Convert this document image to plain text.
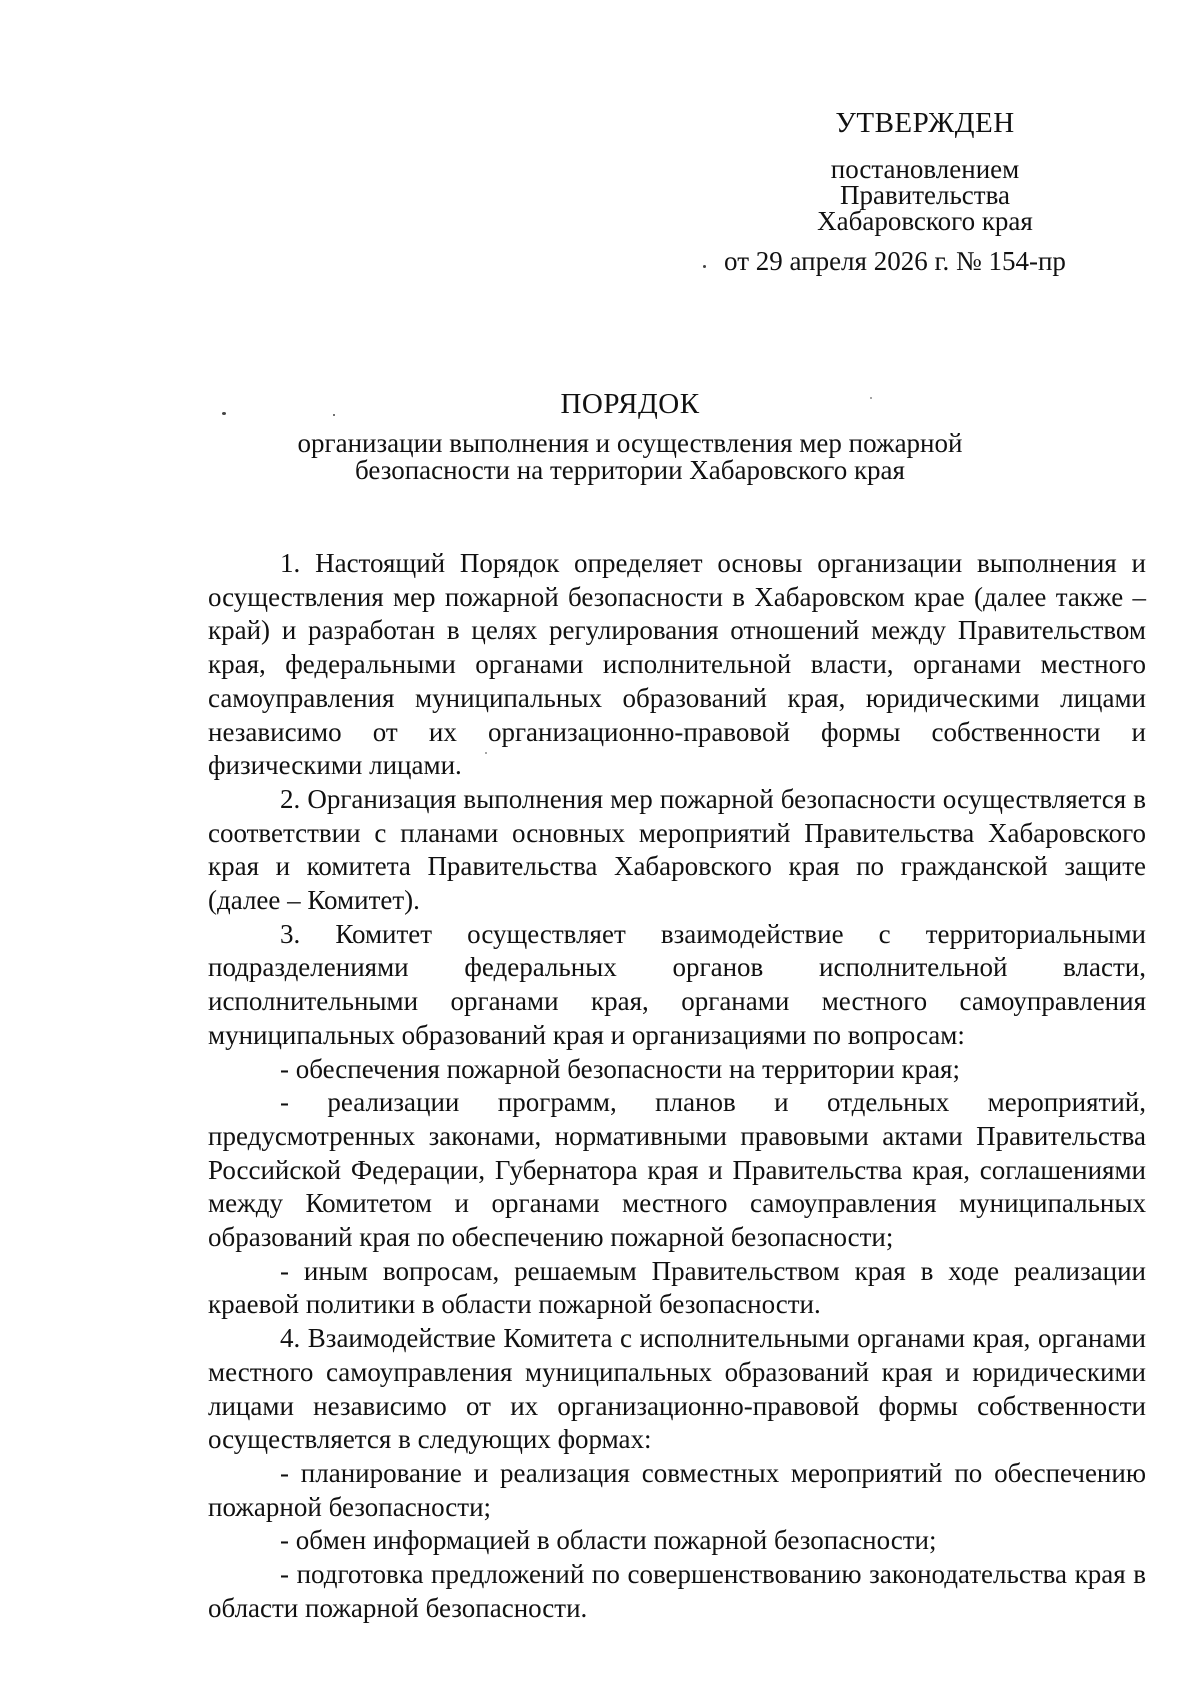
УТВЕРЖДЕН
постановлением
Правительства
Хабаровского края
от 29 апреля 2026 г. № 154-пр
ПОРЯДОК
организации выполнения и осуществления мер пожарной
безопасности на территории Хабаровского края

1. Настоящий Порядок определяет основы организации выполнения и осуществления мер пожарной безопасности в Хабаровском крае (далее также – край) и разработан в целях регулирования отношений между Правительством края, федеральными органами исполнительной власти, органами местного самоуправления муниципальных образований края, юридическими лицами независимо от их организационно-правовой формы собственности и физическими лицами.

2. Организация выполнения мер пожарной безопасности осуществляется в соответствии с планами основных мероприятий Правительства Хабаровского края и комитета Правительства Хабаровского края по гражданской защите (далее – Комитет).

3. Комитет осуществляет взаимодействие с территориальными подразделениями федеральных органов исполнительной власти, исполнительными органами края, органами местного самоуправления муниципальных образований края и организациями по вопросам:

- обеспечения пожарной безопасности на территории края;

- реализации программ, планов и отдельных мероприятий, предусмотренных законами, нормативными правовыми актами Правительства Российской Федерации, Губернатора края и Правительства края, соглашениями между Комитетом и органами местного самоуправления муниципальных образований края по обеспечению пожарной безопасности;

- иным вопросам, решаемым Правительством края в ходе реализации краевой политики в области пожарной безопасности.

4. Взаимодействие Комитета с исполнительными органами края, органами местного самоуправления муниципальных образований края и юридическими лицами независимо от их организационно-правовой формы собственности осуществляется в следующих формах:

- планирование и реализация совместных мероприятий по обеспечению пожарной безопасности;

- обмен информацией в области пожарной безопасности;

- подготовка предложений по совершенствованию законодательства края в области пожарной безопасности.
